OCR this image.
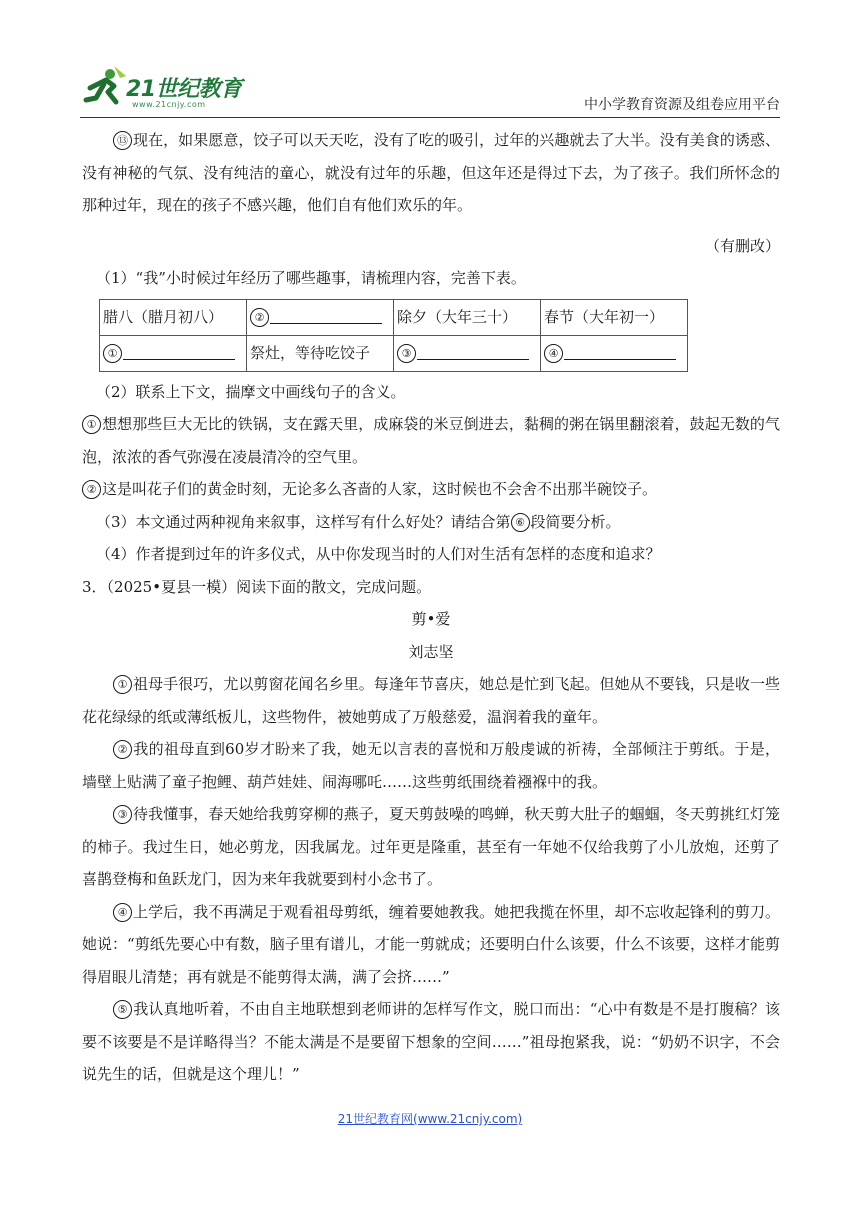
21世纪教育
www.21cnjy.com	中小学教育资源及组卷应用平台

⑬ 现在，如果愿意，饺子可以天天吃，没有了吃的吸引，过年的兴趣就去了大半。没有美食的诱惑、没有神秘的气氛、没有纯洁的童心，就没有过年的乐趣，但这年还是得过下去，为了孩子。我们所怀念的那种过年，现在的孩子不感兴趣，他们自有他们欢乐的年。

（有删改）

（1）“我”小时候过年经历了哪些趣事，请梳理内容，完善下表。

腊八（腊月初八）	②	除夕（大年三十）	春节（大年初一）
①	祭灶，等待吃饺子	③	④

（2）联系上下文，揣摩文中画线句子的含义。

① 想想那些巨大无比的铁锅，支在露天里，成麻袋的米豆倒进去，黏稠的粥在锅里翻滚着，鼓起无数的气泡，浓浓的香气弥漫在凌晨清冷的空气里。

② 这是叫花子们的黄金时刻，无论多么吝啬的人家，这时候也不会舍不出那半碗饺子。

（3）本文通过两种视角来叙事，这样写有什么好处？请结合第 ⑥ 段简要分析。

（4）作者提到过年的许多仪式，从中你发现当时的人们对生活有怎样的态度和追求？

3．（2025•夏县一模）阅读下面的散文，完成问题。

剪•爱

刘志坚

① 祖母手很巧，尤以剪窗花闻名乡里。每逢年节喜庆，她总是忙到飞起。但她从不要钱，只是收一些花花绿绿的纸或薄纸板儿，这些物件，被她剪成了万般慈爱，温润着我的童年。

② 我的祖母直到60岁才盼来了我，她无以言表的喜悦和万般虔诚的祈祷，全部倾注于剪纸。于是，墙壁上贴满了童子抱鲤、葫芦娃娃、闹海哪吒……这些剪纸围绕着襁褓中的我。

③ 待我懂事，春天她给我剪穿柳的燕子，夏天剪鼓噪的鸣蝉，秋天剪大肚子的蝈蝈，冬天剪挑红灯笼的柿子。我过生日，她必剪龙，因我属龙。过年更是隆重，甚至有一年她不仅给我剪了小儿放炮，还剪了喜鹊登梅和鱼跃龙门，因为来年我就要到村小念书了。

④ 上学后，我不再满足于观看祖母剪纸，缠着要她教我。她把我揽在怀里，却不忘收起锋利的剪刀。她说：“剪纸先要心中有数，脑子里有谱儿，才能一剪就成；还要明白什么该要，什么不该要，这样才能剪得眉眼儿清楚；再有就是不能剪得太满，满了会挤……”

⑤ 我认真地听着，不由自主地联想到老师讲的怎样写作文，脱口而出：“心中有数是不是打腹稿？该要不该要是不是详略得当？不能太满是不是要留下想象的空间……”祖母抱紧我，说：“奶奶不识字，不会说先生的话，但就是这个理儿！”

21世纪教育网(www.21cnjy.com)
